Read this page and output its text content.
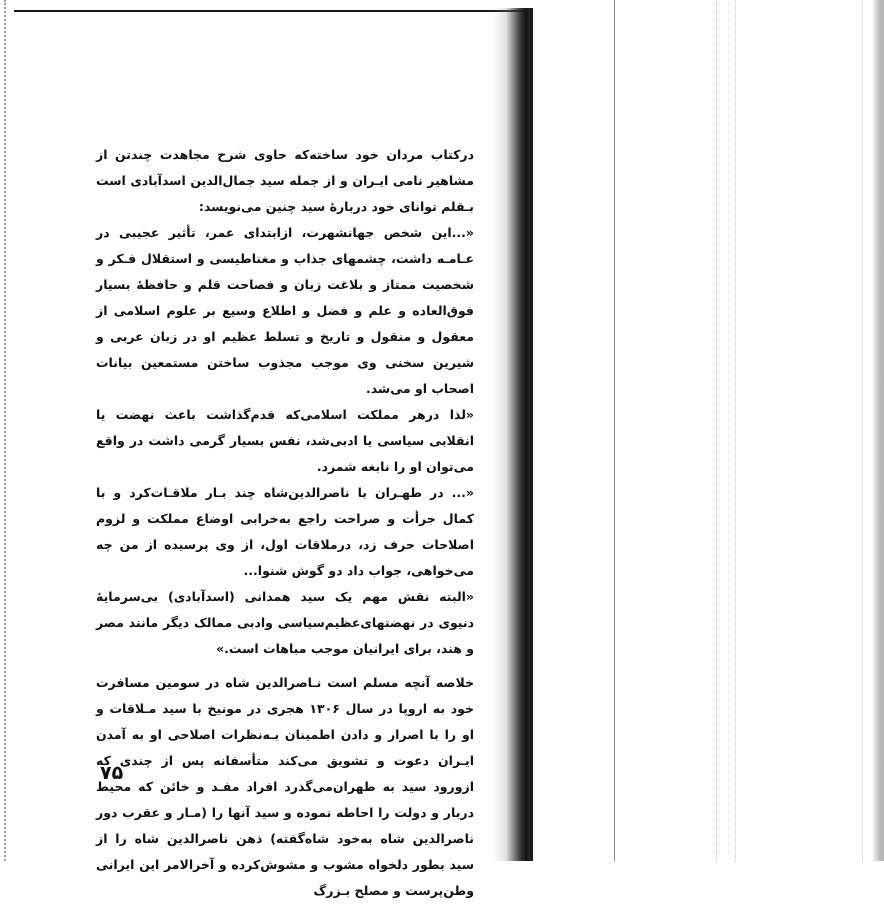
درکتاب مردان خود ساخته‌که حاوی شرح مجاهدت چندتن از مشاهیر نامی ایـران و از جمله سید جمال‌الدین اسدآبادی است بـقلم توانای خود دربارهٔ سید چنین می‌نویسد:

«...این شخص جهانشهرت، ازابتدای عمر، تأثیر عجیبی در عـامـه داشت، چشمهای جذاب و مغناطیسی و استقلال فـکر و شخصیت ممتاز و بلاغت زبان و فصاحت قلم و حافظهٔ بسیار فوق‌العاده و علم و فضل و اطلاع وسیع بر علوم اسلامی از معقول و منقول و تاریخ و تسلط عظیم او در زبان عربی و شیرین سخنی وی موجب مجذوب ساختن مستمعین بیانات اصحاب او می‌شد.

«لذا درهر مملکت اسلامی‌که قدم‌گذاشت باعث نهضت یا انقلابی سیاسی یا ادبی‌شد، نفس بسیار گرمی داشت در واقع می‌توان او را نابغه شمرد.

«... در طهـران با ناصرالدین‌شاه چند بـار ملاقـات‌کرد و با کمال جرأت و صراحت راجع به‌خرابی اوضاع مملکت و لزوم اصلاحات حرف زد، درملاقات اول، از وی پرسیده از من چه می‌خواهی، جواب داد دو گوش شنوا...

«البته نقش مهم یک سید همدانی (اسدآبادی) بی‌سرمایهٔ دنیوی در نهضتهای‌عظیم‌سیاسی وادبی ممالک دیگر مانند مصر و هند، برای ایرانیان موجب مباهات است.»

خلاصه آنچه مسلم است نـاصرالدین شاه در سومین مسافرت خود به اروپا در سال ۱۳۰۶ هجری در مونیخ با سید مـلاقات و او را با اصرار و دادن اطمینان بـه‌نظرات اصلاحی او به آمدن ایـران دعوت و تشویق می‌کند متأسفانه پس از چندی که ازورود سید به طهران‌می‌گذرد افراد مفـد و خائن که محیط دربار و دولت را احاطه نموده و سید آنها را (مـار و عقرب دور ناصرالدین شاه به‌خود شاه‌گفته) ذهن ناصرالدین شاه را از سید بطور دلخواه مشوب و مشوش‌کرده و آخرالامر این ایرانی وطن‌پرست و مصلح بـزرگ

۷۵
